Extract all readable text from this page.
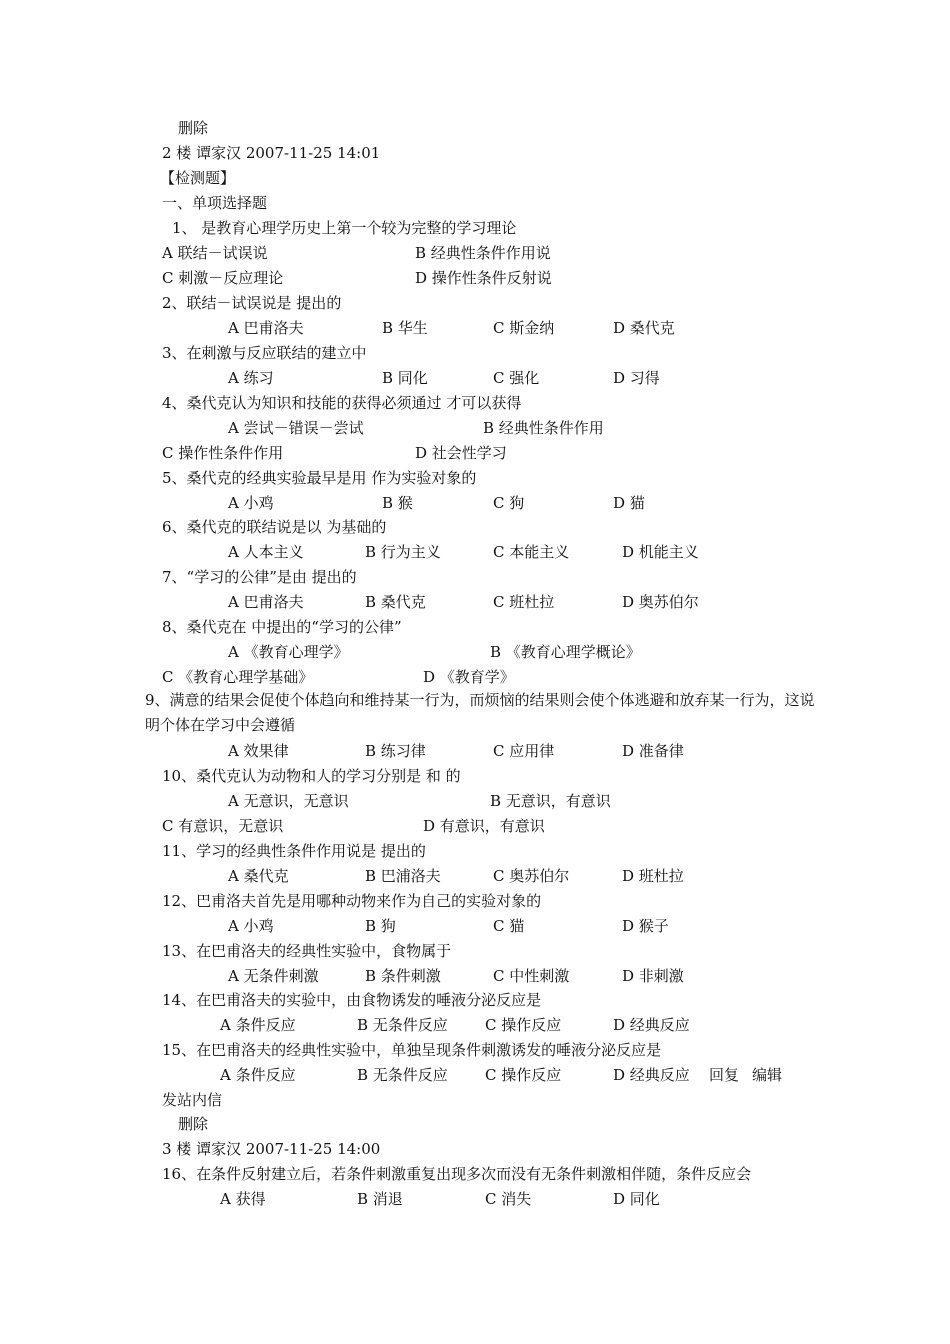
删除
2 楼 谭家汉 2007-11-25 14:01
【检测题】
一、单项选择题
1、 是教育心理学历史上第一个较为完整的学习理论
A 联结－试误说	B 经典性条件作用说
C 刺激－反应理论	D 操作性条件反射说
2、联结－试误说是 提出的
A 巴甫洛夫	B 华生	C 斯金纳	D 桑代克
3、在刺激与反应联结的建立中
A 练习	B 同化	C 强化	D 习得
4、桑代克认为知识和技能的获得必须通过 才可以获得
A 尝试－错误－尝试	B 经典性条件作用
C 操作性条件作用	D 社会性学习
5、桑代克的经典实验最早是用 作为实验对象的
A 小鸡	B 猴	C 狗	D 猫
6、桑代克的联结说是以 为基础的
A 人本主义	B 行为主义	C 本能主义	D 机能主义
7、“学习的公律”是由 提出的
A 巴甫洛夫	B 桑代克	C 班杜拉	D 奥苏伯尔
8、桑代克在 中提出的“学习的公律”
A 《教育心理学》	B 《教育心理学概论》
C 《教育心理学基础》	D 《教育学》
9、满意的结果会促使个体趋向和维持某一行为，而烦恼的结果则会使个体逃避和放弃某一行为，这说明个体在学习中会遵循
A 效果律	B 练习律	C 应用律	D 准备律
10、桑代克认为动物和人的学习分别是 和 的
A 无意识，无意识	B 无意识，有意识
C 有意识，无意识	D 有意识，有意识
11、学习的经典性条件作用说是 提出的
A 桑代克	B 巴浦洛夫	C 奥苏伯尔	D 班杜拉
12、巴甫洛夫首先是用哪种动物来作为自己的实验对象的
A 小鸡	B 狗	C 猫	D 猴子
13、在巴甫洛夫的经典性实验中，食物属于
A 无条件刺激	B 条件刺激	C 中性刺激	D 非刺激
14、在巴甫洛夫的实验中，由食物诱发的唾液分泌反应是
A 条件反应	B 无条件反应 C 操作反应	D 经典反应
15、在巴甫洛夫的经典性实验中，单独呈现条件刺激诱发的唾液分泌反应是
A 条件反应	B 无条件反应 C 操作反应	D 经典反应 回复 编辑
发站内信
删除
3 楼 谭家汉 2007-11-25 14:00
16、在条件反射建立后，若条件刺激重复出现多次而没有无条件刺激相伴随，条件反应会
A 获得	B 消退	C 消失	D 同化
